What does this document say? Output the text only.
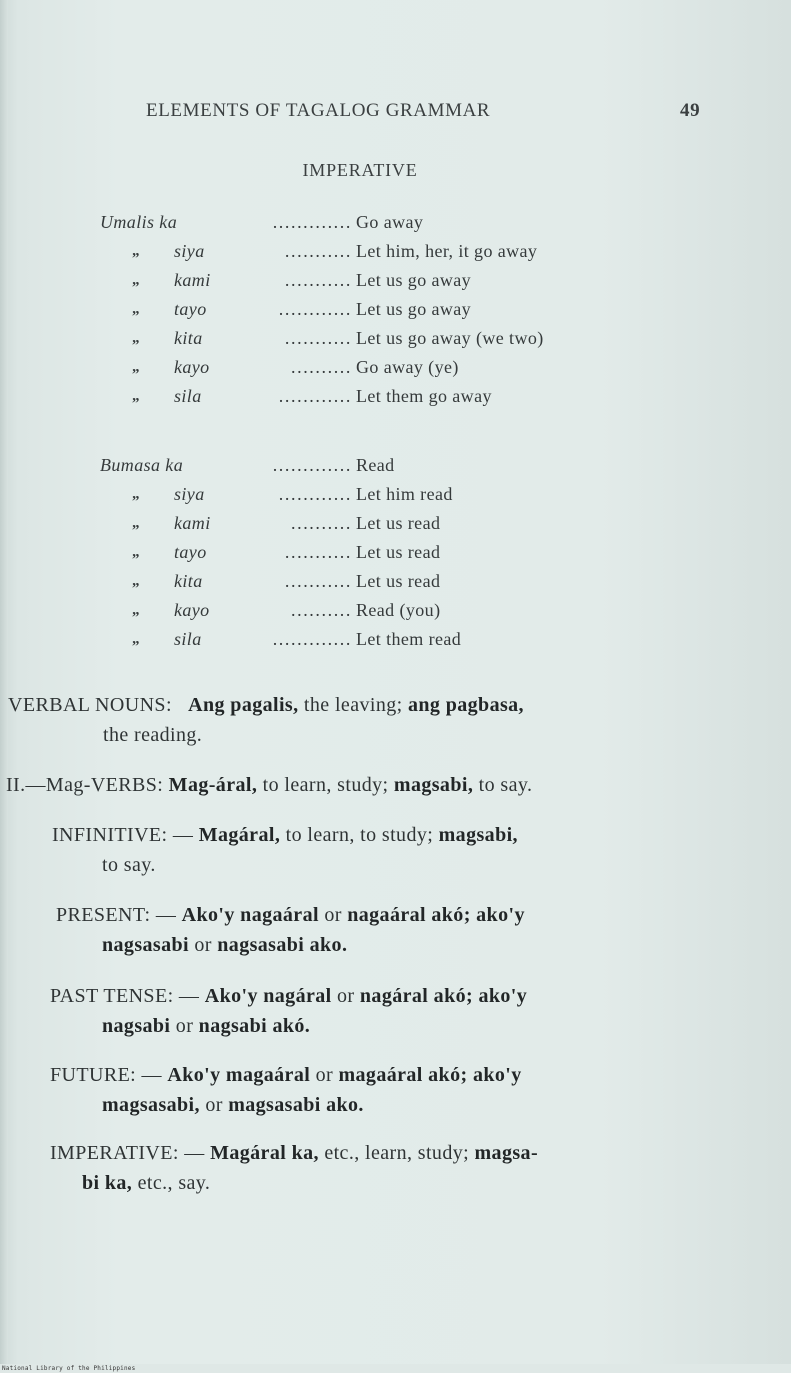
ELEMENTS OF TAGALOG GRAMMAR	49
IMPERATIVE
Umalis ka	............. Go away
„ siya	........... Let him, her, it go away
„ kami	........... Let us go away
„ tayo	............ Let us go away
„ kita	........... Let us go away (we two)
„ kayo	.......... Go away (ye)
„ sila	............ Let them go away
Bumasa ka	............. Read
„ siya	............ Let him read
„ kami	.......... Let us read
„ tayo	........... Let us read
„ kita	........... Let us read
„ kayo	.......... Read (you)
„ sila	............. Let them read
VERBAL NOUNS: Ang pagalis, the leaving; ang pagbasa,
the reading.
II.—Mag-VERBS: Mag-áral, to learn, study; magsabi, to say.
INFINITIVE: — Magáral, to learn, to study; magsabi,
to say.
PRESENT: — Ako'y nagaáral or nagaáral akó; ako'y
nagsasabi or nagsasabi ako.
PAST TENSE: — Ako'y nagáral or nagáral akó; ako'y
nagsabi or nagsabi akó.
FUTURE: — Ako'y magaáral or magaáral akó; ako'y
magsasabi, or magsasabi ako.
IMPERATIVE: — Magáral ka, etc., learn, study; magsa-
bi ka, etc., say.
National Library of the Philippines
